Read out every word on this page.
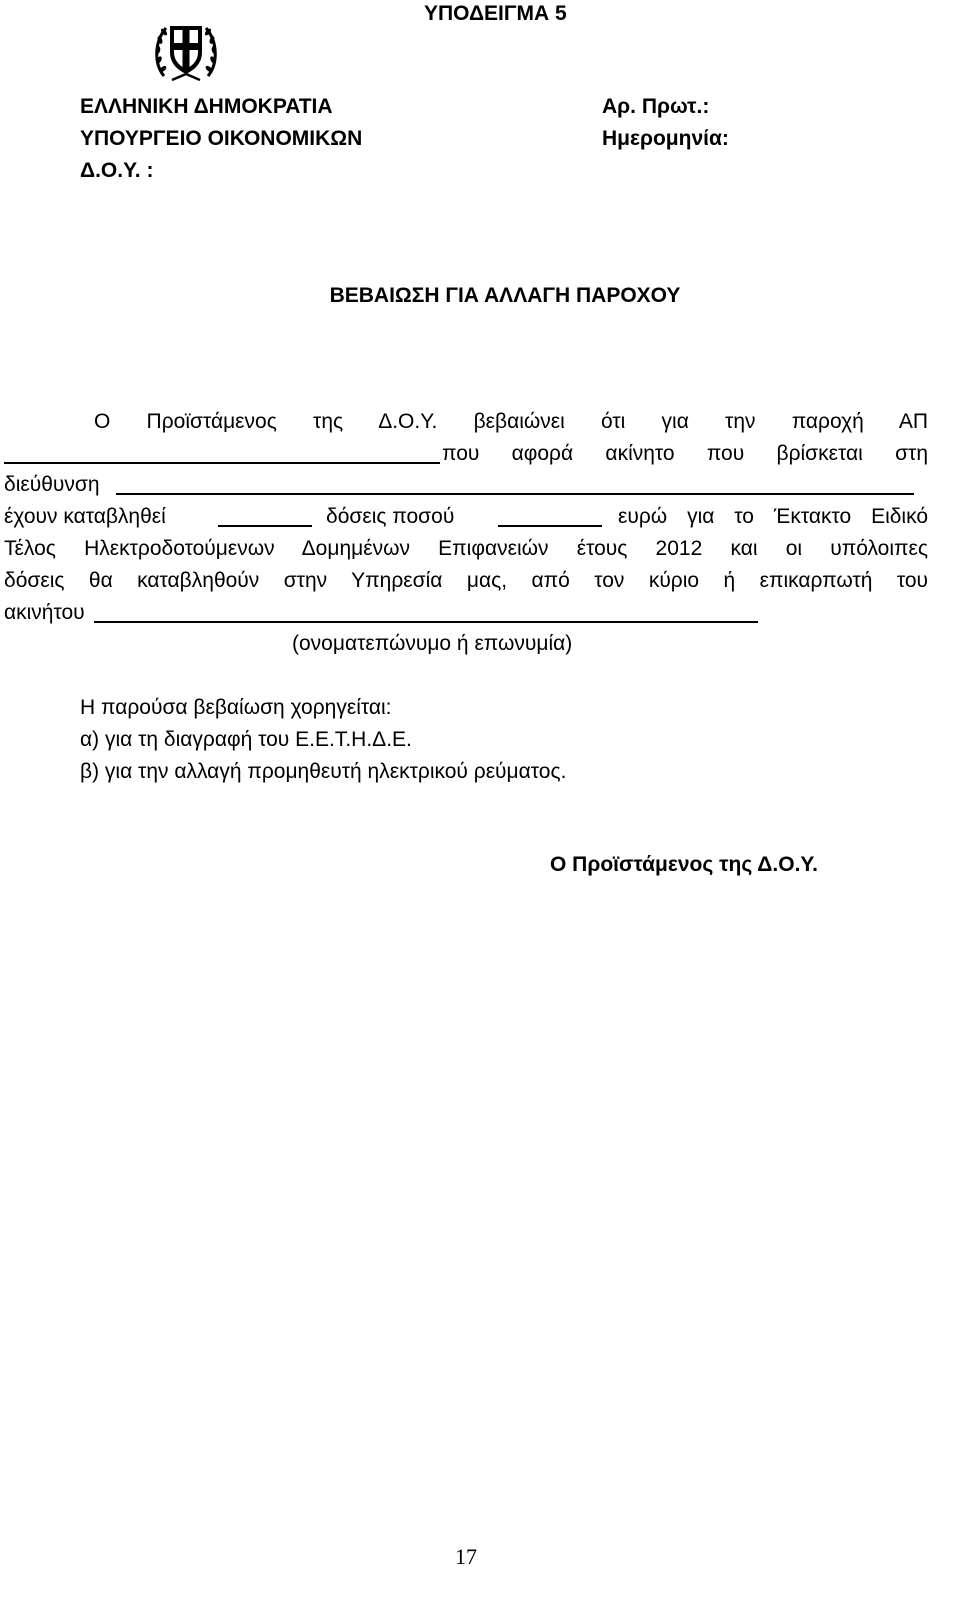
ΥΠΟΔΕΙΓΜΑ 5
ΕΛΛΗΝΙΚΗ ΔΗΜΟΚΡΑΤΙΑ
ΥΠΟΥΡΓΕΙΟ ΟΙΚΟΝΟΜΙΚΩΝ
Δ.Ο.Υ. :
Αρ. Πρωτ.:
Ημερομηνία:
ΒΕΒΑΙΩΣΗ ΓΙΑ ΑΛΛΑΓΗ ΠΑΡΟΧΟΥ
Ο Προϊστάμενος της Δ.Ο.Υ. βεβαιώνει ότι για την παροχή ΑΠ
που αφορά ακίνητο που βρίσκεται στη
διεύθυνση
έχουν καταβληθεί	δόσεις ποσού	ευρώ για το Έκτακτο Ειδικό
Τέλος Ηλεκτροδοτούμενων Δομημένων Επιφανειών έτους 2012 και οι υπόλοιπες
δόσεις θα καταβληθούν στην Υπηρεσία μας, από τον κύριο ή επικαρπωτή του
ακινήτου
(ονοματεπώνυμο ή επωνυμία)
Η παρούσα βεβαίωση χορηγείται:
α) για τη διαγραφή του Ε.Ε.Τ.Η.Δ.Ε.
β) για την αλλαγή προμηθευτή ηλεκτρικού ρεύματος.
Ο Προϊστάμενος της Δ.Ο.Υ.
17
